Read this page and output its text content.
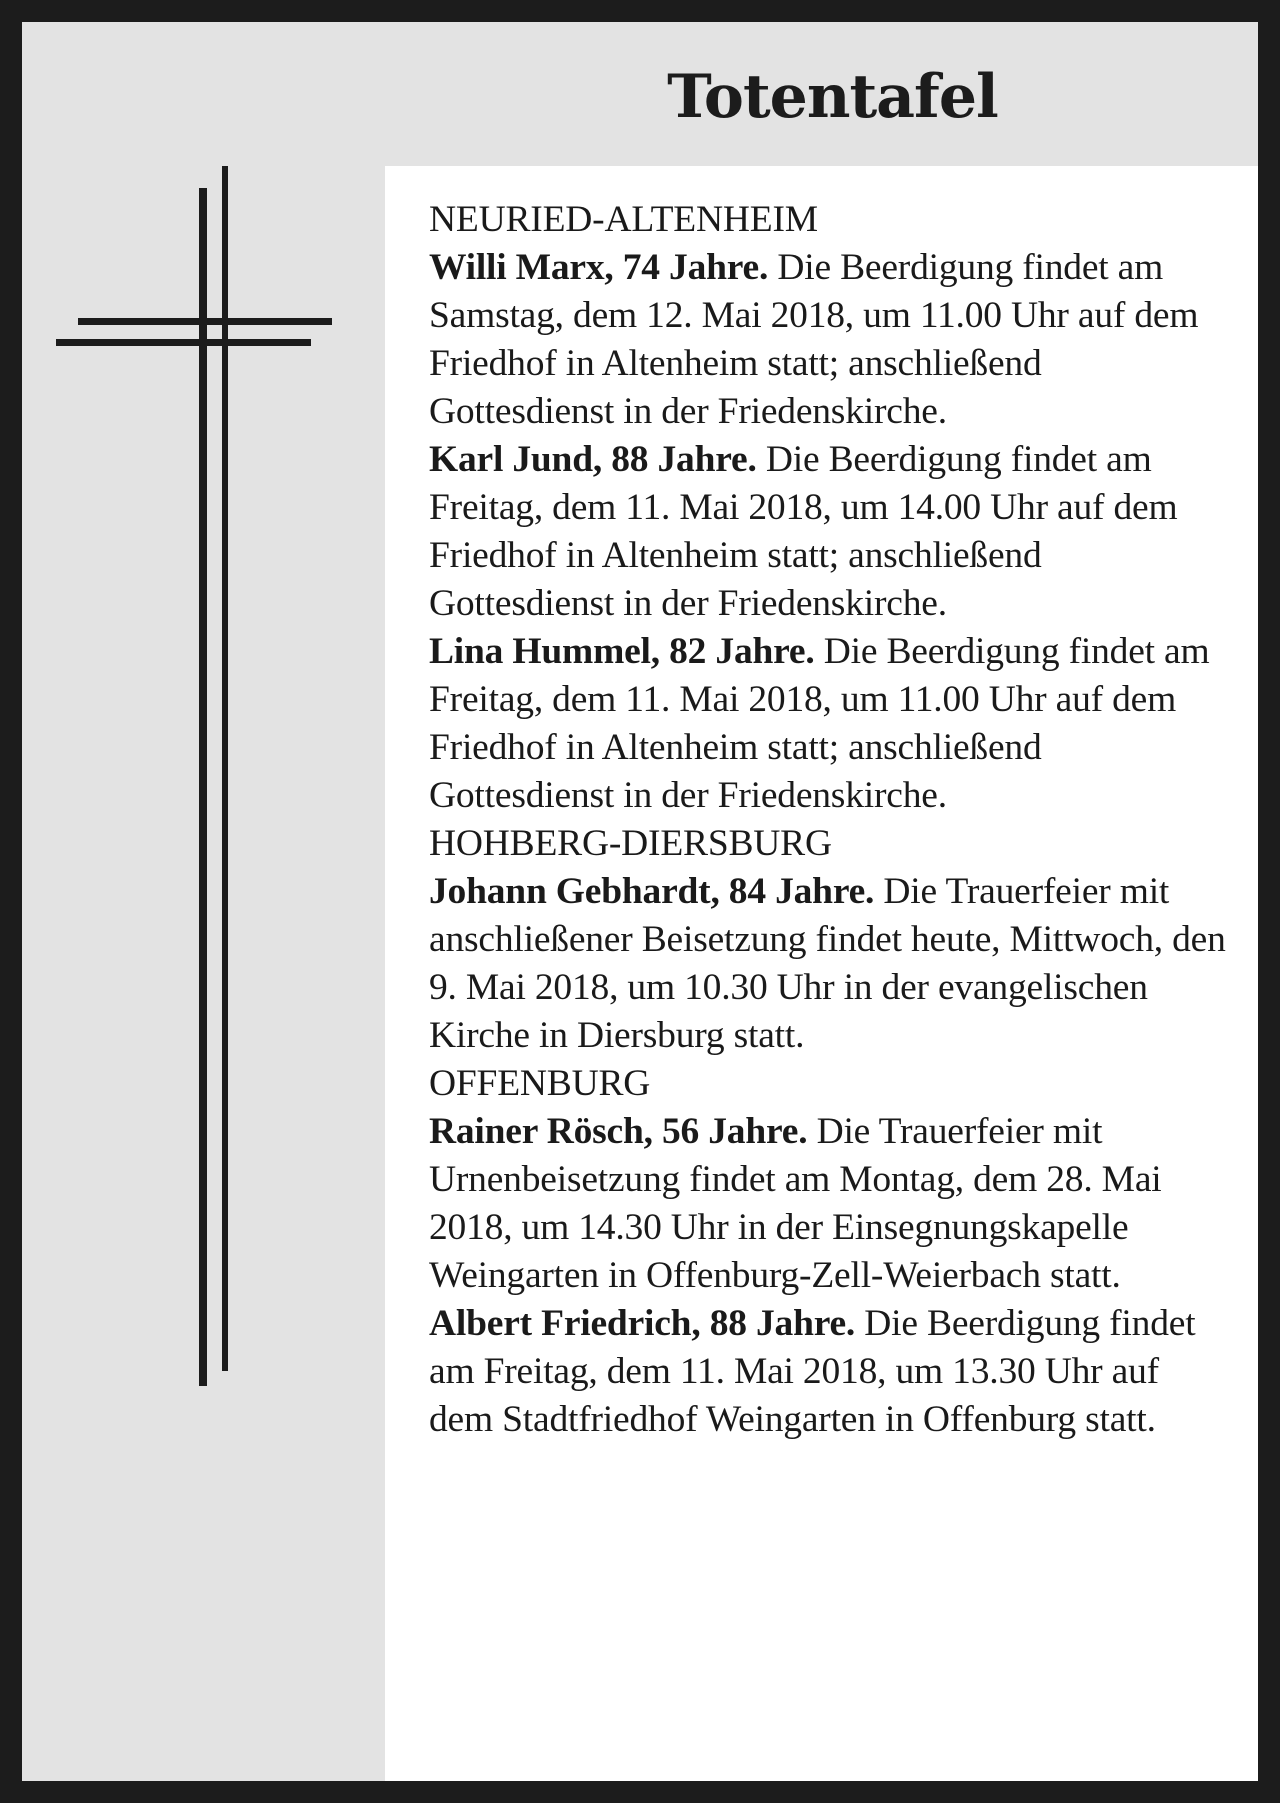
Totentafel
NEURIED-ALTENHEIM

Willi Marx, 74 Jahre. Die Beerdigung findet am Samstag, dem 12. Mai 2018, um 11.00 Uhr auf dem Friedhof in Altenheim statt; anschließend Gottesdienst in der Friedenskirche.

Karl Jund, 88 Jahre. Die Beerdigung findet am Freitag, dem 11. Mai 2018, um 14.00 Uhr auf dem Friedhof in Altenheim statt; anschließend Gottesdienst in der Friedenskirche.

Lina Hummel, 82 Jahre. Die Beerdigung findet am Freitag, dem 11. Mai 2018, um 11.00 Uhr auf dem Friedhof in Altenheim statt; anschließend Gottesdienst in der Friedenskirche.

HOHBERG-DIERSBURG

Johann Gebhardt, 84 Jahre. Die Trauerfeier mit anschließener Beisetzung findet heute, Mittwoch, den 9. Mai 2018, um 10.30 Uhr in der evangelischen Kirche in Diersburg statt.

OFFENBURG

Rainer Rösch, 56 Jahre. Die Trauerfeier mit Urnenbeisetzung findet am Montag, dem 28. Mai 2018, um 14.30 Uhr in der Einsegnungskapelle Weingarten in Offenburg-Zell-Weierbach statt.

Albert Friedrich, 88 Jahre. Die Beerdigung findet am Freitag, dem 11. Mai 2018, um 13.30 Uhr auf dem Stadtfriedhof Weingarten in Offenburg statt.
